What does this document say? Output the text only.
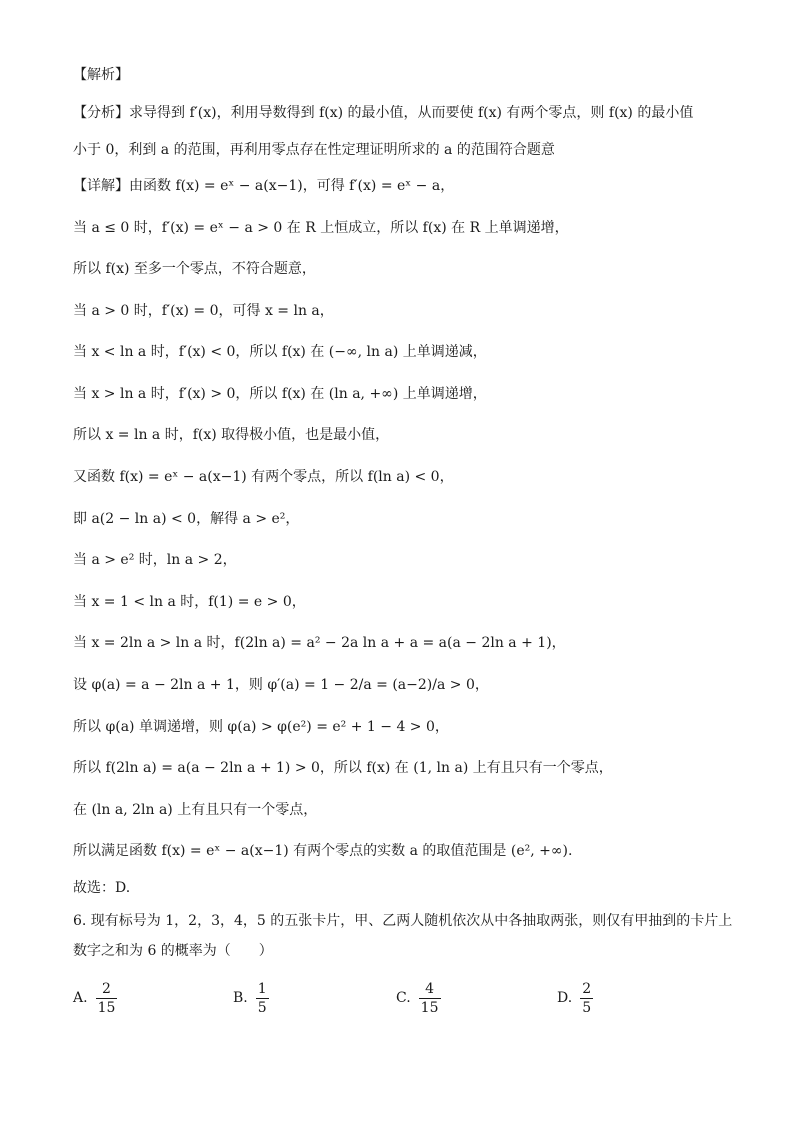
【解析】
【分析】求导得到 f′(x)，利用导数得到 f(x) 的最小值，从而要使 f(x) 有两个零点，则 f(x) 的最小值
小于 0，利到 a 的范围，再利用零点存在性定理证明所求的 a 的范围符合题意
【详解】由函数 f(x) = eˣ − a(x−1)，可得 f′(x) = eˣ − a，
当 a ≤ 0 时，f′(x) = eˣ − a > 0 在 R 上恒成立，所以 f(x) 在 R 上单调递增，
所以 f(x) 至多一个零点，不符合题意，
当 a > 0 时，f′(x) = 0，可得 x = ln a，
当 x < ln a 时，f′(x) < 0，所以 f(x) 在 (−∞, ln a) 上单调递减，
当 x > ln a 时，f′(x) > 0，所以 f(x) 在 (ln a, +∞) 上单调递增，
所以 x = ln a 时，f(x) 取得极小值，也是最小值，
又函数 f(x) = eˣ − a(x−1) 有两个零点，所以 f(ln a) < 0，
即 a(2 − ln a) < 0，解得 a > e²，
当 a > e² 时，ln a > 2，
当 x = 1 < ln a 时，f(1) = e > 0，
当 x = 2ln a > ln a 时，f(2ln a) = a² − 2a ln a + a = a(a − 2ln a + 1)，
设 φ(a) = a − 2ln a + 1，则 φ′(a) = 1 − 2/a = (a−2)/a > 0，
所以 φ(a) 单调递增，则 φ(a) > φ(e²) = e² + 1 − 4 > 0，
所以 f(2ln a) = a(a − 2ln a + 1) > 0，所以 f(x) 在 (1, ln a) 上有且只有一个零点，
在 (ln a, 2ln a) 上有且只有一个零点，
所以满足函数 f(x) = eˣ − a(x−1) 有两个零点的实数 a 的取值范围是 (e², +∞).
故选：D.
6. 现有标号为 1，2，3，4，5 的五张卡片，甲、乙两人随机依次从中各抽取两张，则仅有甲抽到的卡片上
数字之和为 6 的概率为（　　）
A. $\frac{2}{15}$	B. $\frac{1}{5}$	C. $\frac{4}{15}$	D. $\frac{2}{5}$
